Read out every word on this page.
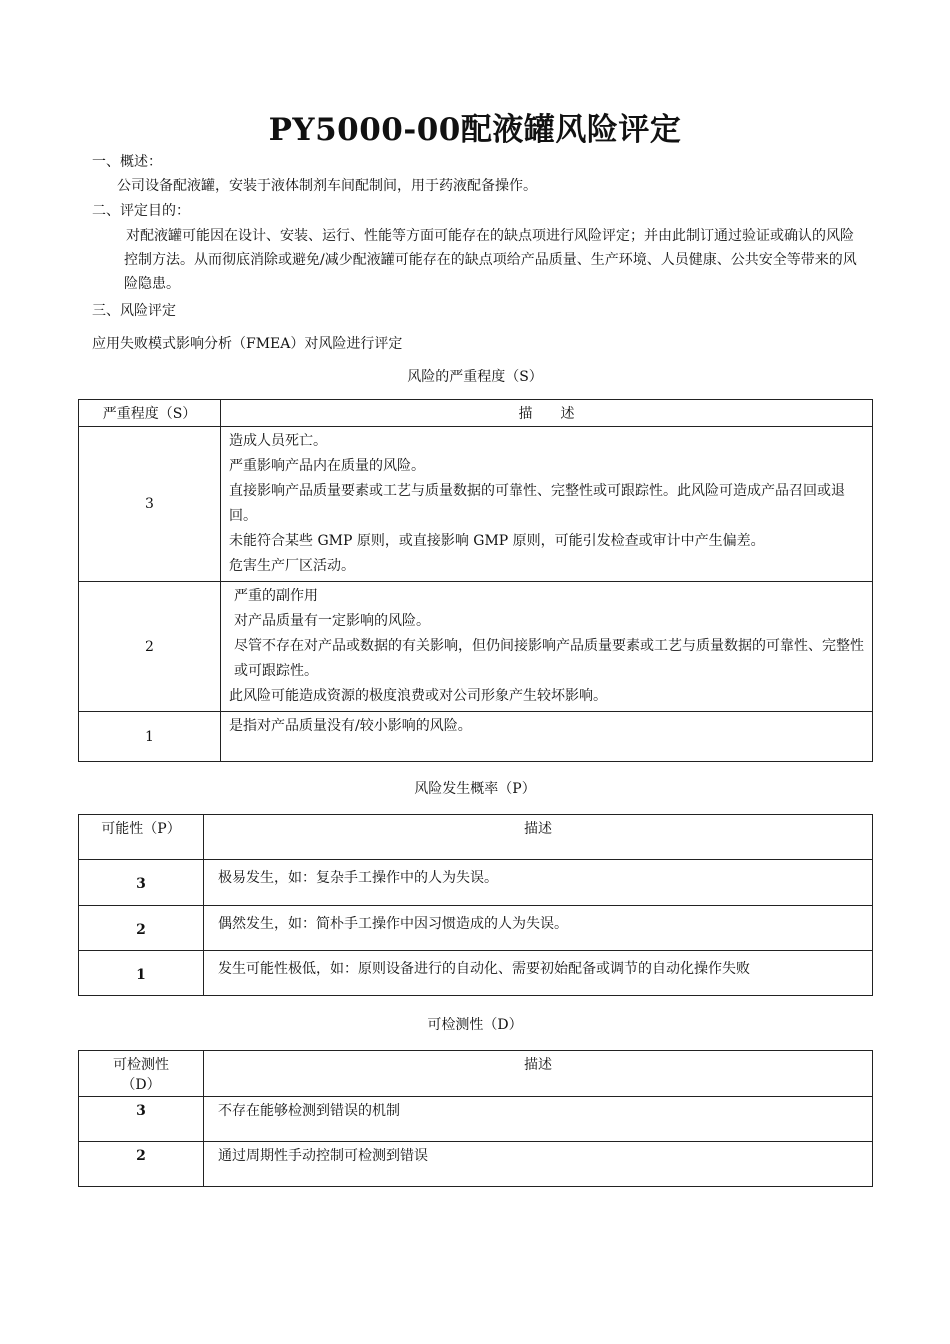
PY5000-00配液罐风险评定
一、概述：
公司设备配液罐，安装于液体制剂车间配制间，用于药液配备操作。
二、评定目的：
对配液罐可能因在设计、安装、运行、性能等方面可能存在的缺点项进行风险评定；并由此制订通过验证或确认的风险控制方法。从而彻底消除或避免/减少配液罐可能存在的缺点项给产品质量、生产环境、人员健康、公共安全等带来的风险隐患。
三、风险评定
应用失败模式影响分析（FMEA）对风险进行评定
风险的严重程度（S）
严重程度（S）	描　　述
3	造成人员死亡。
严重影响产品内在质量的风险。
直接影响产品质量要素或工艺与质量数据的可靠性、完整性或可跟踪性。此风险可造成产品召回或退回。
未能符合某些 GMP 原则，或直接影响 GMP 原则，可能引发检查或审计中产生偏差。
危害生产厂区活动。

2	严重的副作用
对产品质量有一定影响的风险。
尽管不存在对产品或数据的有关影响，但仍间接影响产品质量要素或工艺与质量数据的可靠性、完整性或可跟踪性。
此风险可能造成资源的极度浪费或对公司形象产生较坏影响。

1	是指对产品质量没有/较小影响的风险。
风险发生概率（P）
可能性（P）	描述
3	极易发生，如：复杂手工操作中的人为失误。
2	偶然发生，如：简朴手工操作中因习惯造成的人为失误。
1	发生可能性极低，如：原则设备进行的自动化、需要初始配备或调节的自动化操作失败
可检测性（D）
可检测性（D）	描述
3	不存在能够检测到错误的机制
2	通过周期性手动控制可检测到错误
